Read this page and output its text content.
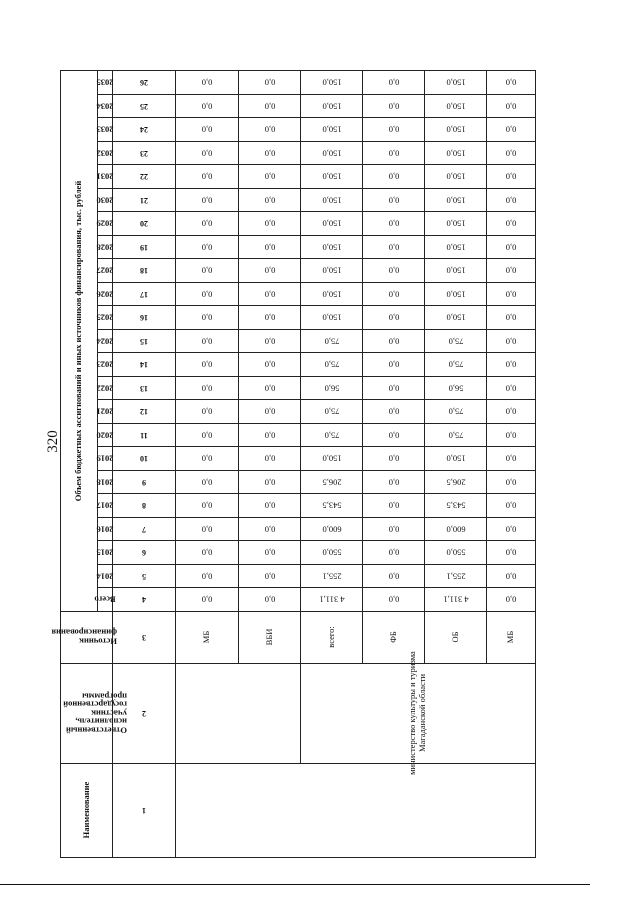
320 Объем бюджетных ассигнований и иных источников финансирования, тыс. рублей	2035	26	0,0	0,0	150,0	0,0	150,0	0,0

	2034	25	0,0	0,0	150,0	0,0	150,0	0,0

	2033	24	0,0	0,0	150,0	0,0	150,0	0,0

	2032	23	0,0	0,0	150,0	0,0	150,0	0,0

	2031	22	0,0	0,0	150,0	0,0	150,0	0,0

	2030	21	0,0	0,0	150,0	0,0	150,0	0,0

	2029	20	0,0	0,0	150,0	0,0	150,0	0,0

	2028	19	0,0	0,0	150,0	0,0	150,0	0,0

	2027	18	0,0	0,0	150,0	0,0	150,0	0,0

	2026	17	0,0	0,0	150,0	0,0	150,0	0,0

	2025	16	0,0	0,0	150,0	0,0	150,0	0,0

	2024	15	0,0	0,0	75,0	0,0	75,0	0,0

	2023	14	0,0	0,0	75,0	0,0	75,0	0,0

	2022	13	0,0	0,0	56,0	0,0	56,0	0,0

	2021	12	0,0	0,0	75,0	0,0	75,0	0,0

	2020	11	0,0	0,0	75,0	0,0	75,0	0,0

	2019	10	0,0	0,0	150,0	0,0	150,0	0,0

	2018	9	0,0	0,0	206,5	0,0	206,5	0,0

	2017	8	0,0	0,0	543,5	0,0	543,5	0,0

	2016	7	0,0	0,0	600,0	0,0	600,0	0,0

	2015	6	0,0	0,0	550,0	0,0	550,0	0,0

	2014	5	0,0	0,0	255,1	0,0	255,1	0,0

	Всего	4	0,0	0,0	4 311,1	0,0	4 311,1	0,0

Источник финансирования		3	МБ	ВБИ	всего:	ФБ	ОБ	МБ

Ответственный исполнитель, участник государственной программы		2			министерство культуры и туризма Магаданской области			

Наименование		1						
